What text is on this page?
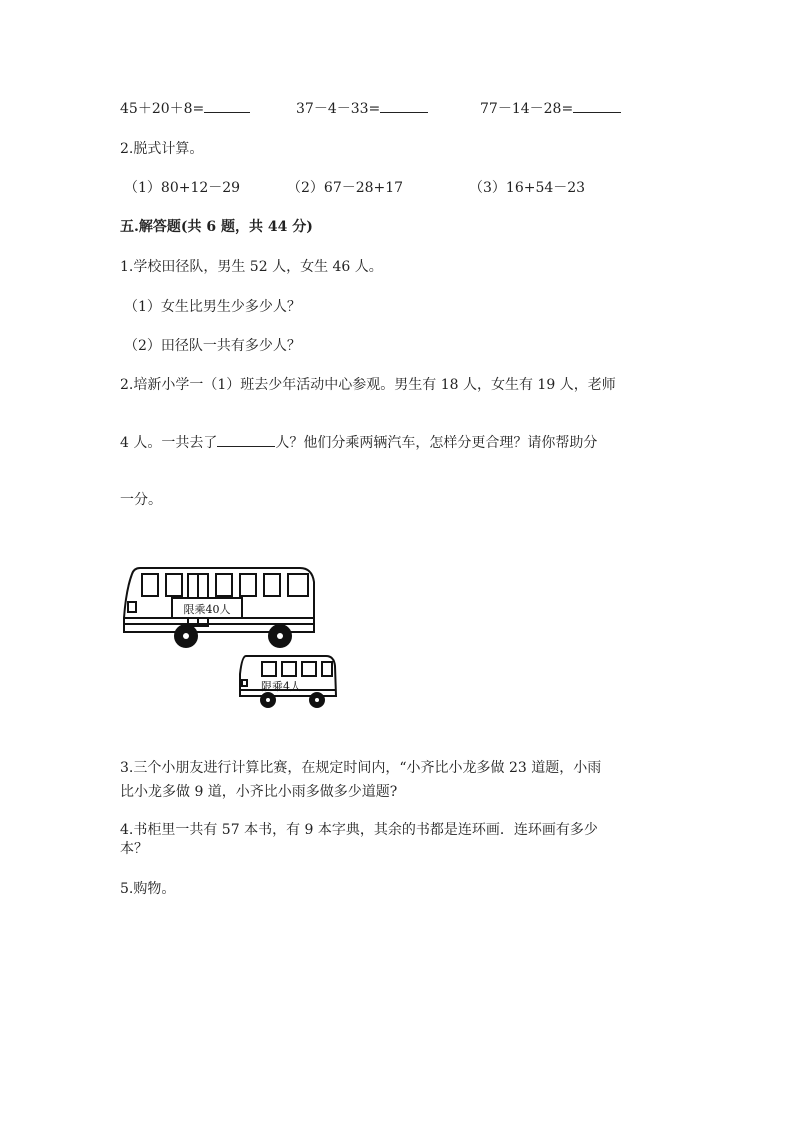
45＋20＋8=	37－4－33=	77－14－28=
2.脱式计算。
（1）80+12－29	（2）67－28+17	（3）16+54－23
五.解答题(共 6 题，共 44 分)
1.学校田径队，男生 52 人，女生 46 人。
（1）女生比男生少多少人？
（2）田径队一共有多少人？
2.培新小学一（1）班去少年活动中心参观。男生有 18 人，女生有 19 人，老师
4 人。一共去了	人？他们分乘两辆汽车，怎样分更合理？请你帮助分
一分。
限乘40人
限乘4人
3.三个小朋友进行计算比赛，在规定时间内，“小齐比小龙多做 23 道题，小雨
比小龙多做 9 道，小齐比小雨多做多少道题?
4.书柜里一共有 57 本书，有 9 本字典，其余的书都是连环画．连环画有多少
本？
5.购物。
